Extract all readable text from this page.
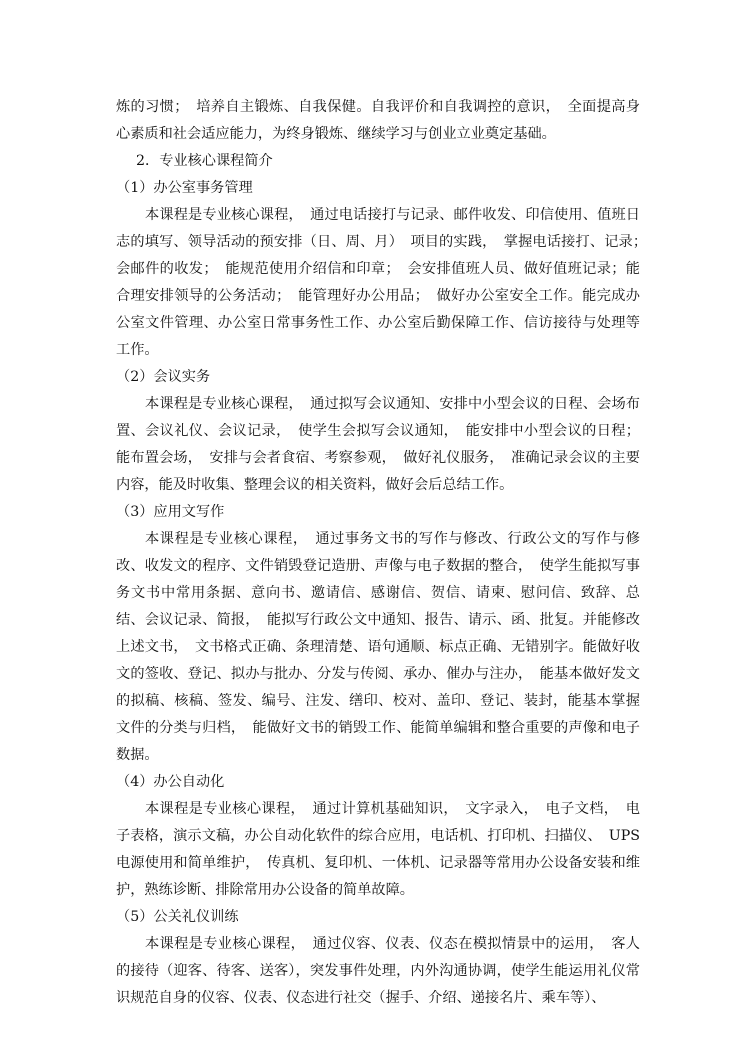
炼的习惯；　培养自主锻炼、自我保健。自我评价和自我调控的意识，　全面提高身心素质和社会适应能力，为终身锻炼、继续学习与创业立业奠定基础。

2．专业核心课程简介

（1）办公室事务管理

本课程是专业核心课程，　通过电话接打与记录、邮件收发、印信使用、值班日志的填写、领导活动的预安排（日、周、月）　项目的实践，　掌握电话接打、记录；　会邮件的收发；　能规范使用介绍信和印章；　会安排值班人员、做好值班记录；能合理安排领导的公务活动；　能管理好办公用品；　做好办公室安全工作。能完成办公室文件管理、办公室日常事务性工作、办公室后勤保障工作、信访接待与处理等工作。

（2）会议实务

本课程是专业核心课程，　通过拟写会议通知、安排中小型会议的日程、会场布置、会议礼仪、会议记录，　使学生会拟写会议通知，　能安排中小型会议的日程；能布置会场，　安排与会者食宿、考察参观，　做好礼仪服务，　准确记录会议的主要内容，能及时收集、整理会议的相关资料，做好会后总结工作。

（3）应用文写作

本课程是专业核心课程，　通过事务文书的写作与修改、行政公文的写作与修改、收发文的程序、文件销毁登记造册、声像与电子数据的整合，　使学生能拟写事务文书中常用条据、意向书、邀请信、感谢信、贺信、请柬、慰问信、致辞、总结、会议记录、简报，　能拟写行政公文中通知、报告、请示、函、批复。并能修改上述文书，　文书格式正确、条理清楚、语句通顺、标点正确、无错别字。能做好收文的签收、登记、拟办与批办、分发与传阅、承办、催办与注办，　能基本做好发文的拟稿、核稿、签发、编号、注发、缮印、校对、盖印、登记、装封，能基本掌握文件的分类与归档，　能做好文书的销毁工作、能简单编辑和整合重要的声像和电子数据。

（4）办公自动化

本课程是专业核心课程，　通过计算机基础知识，　文字录入，　电子文档，　电子表格，演示文稿，办公自动化软件的综合应用，电话机、打印机、扫描仪、　UPS 电源使用和简单维护，　传真机、复印机、一体机、记录器等常用办公设备安装和维护，熟练诊断、排除常用办公设备的简单故障。

（5）公关礼仪训练

本课程是专业核心课程，　通过仪容、仪表、仪态在模拟情景中的运用，　客人的接待（迎客、待客、送客），突发事件处理，内外沟通协调，使学生能运用礼仪常识规范自身的仪容、仪表、仪态进行社交（握手、介绍、递接名片、乘车等）、
